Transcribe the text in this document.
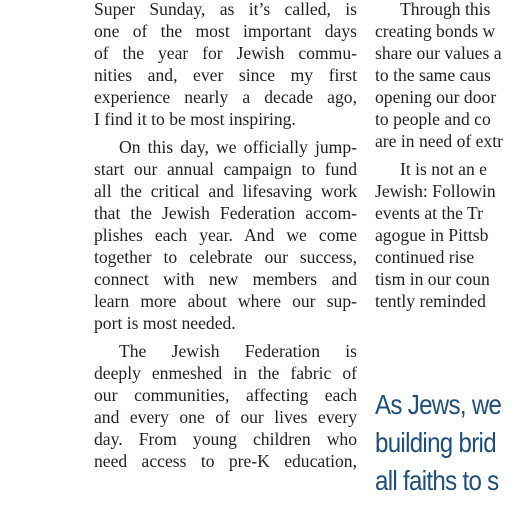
Super Sunday, as it’s called, is
one of the most important days
of the year for Jewish commu-
nities and, ever since my first
experience nearly a decade ago,
I find it to be most inspiring.
On this day, we officially jump-
start our annual campaign to fund
all the critical and lifesaving work
that the Jewish Federation accom-
plishes each year. And we come
together to celebrate our success,
connect with new members and
learn more about where our sup-
port is most needed.
The Jewish Federation is
deeply enmeshed in the fabric of
our communities, affecting each
and every one of our lives every
day. From young children who
need access to pre-K education,
Through this
creating bonds w
share our values a
to the same caus
opening our door
to people and co
are in need of extr
It is not an e
Jewish: Followin
events at the Tr
agogue in Pittsb
continued rise
tism in our coun
tently reminded
As Jews, we
building brid
all faiths to s
